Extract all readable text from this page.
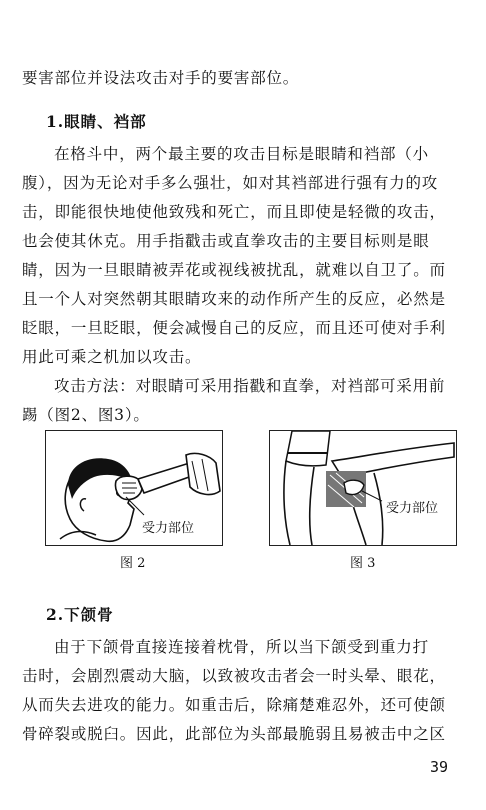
要害部位并设法攻击对手的要害部位。
1.眼睛、裆部
在格斗中，两个最主要的攻击目标是眼睛和裆部（小
腹），因为无论对手多么强壮，如对其裆部进行强有力的攻
击，即能很快地使他致残和死亡，而且即使是轻微的攻击，
也会使其休克。用手指戳击或直拳攻击的主要目标则是眼
睛，因为一旦眼睛被弄花或视线被扰乱，就难以自卫了。而
且一个人对突然朝其眼睛攻来的动作所产生的反应，必然是
眨眼，一旦眨眼，便会减慢自己的反应，而且还可使对手利
用此可乘之机加以攻击。
攻击方法：对眼睛可采用指戳和直拳，对裆部可采用前
踢（图2、图3）。
受力部位
图 2
受力部位
图 3
2.下颌骨
由于下颌骨直接连接着枕骨，所以当下颌受到重力打
击时，会剧烈震动大脑，以致被攻击者会一时头晕、眼花，
从而失去进攻的能力。如重击后，除痛楚难忍外，还可使颌
骨碎裂或脱臼。因此，此部位为头部最脆弱且易被击中之区
39
